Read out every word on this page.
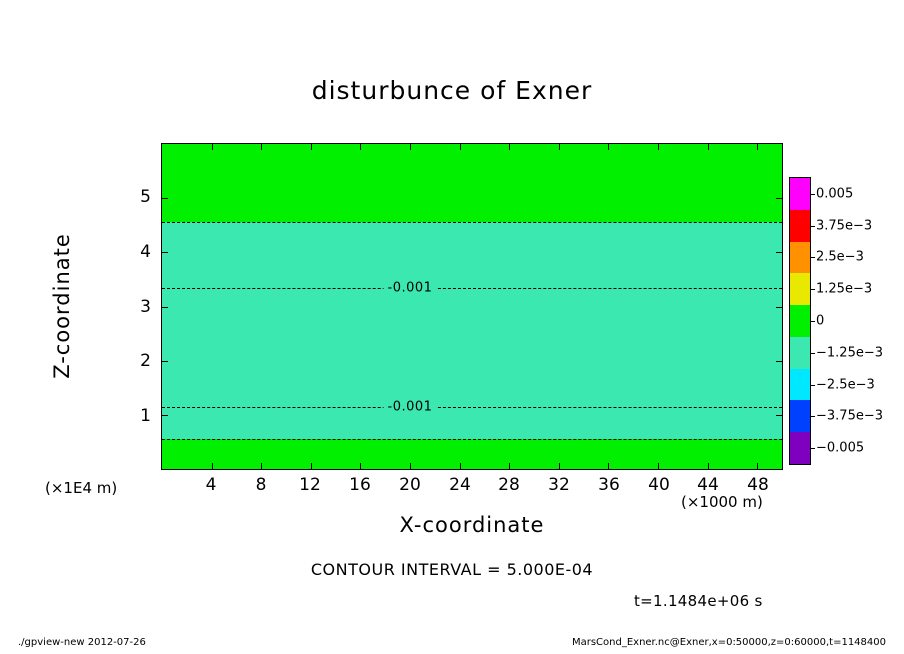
disturbunce of Exner
-0.001
-0.001
4 8 12 16 20 24 28 32 36 40 44 48
1
2
3
4
5
X-coordinate
Z-coordinate
(×1E4 m)
(×1000 m)
0.005
3.75e−3
2.5e−3
1.25e−3
0
−1.25e−3
−2.5e−3
−3.75e−3
−0.005
CONTOUR INTERVAL = 5.000E-04
t=1.1484e+06 s
./gpview-new 2012-07-26	MarsCond_Exner.nc@Exner,x=0:50000,z=0:60000,t=1148400
